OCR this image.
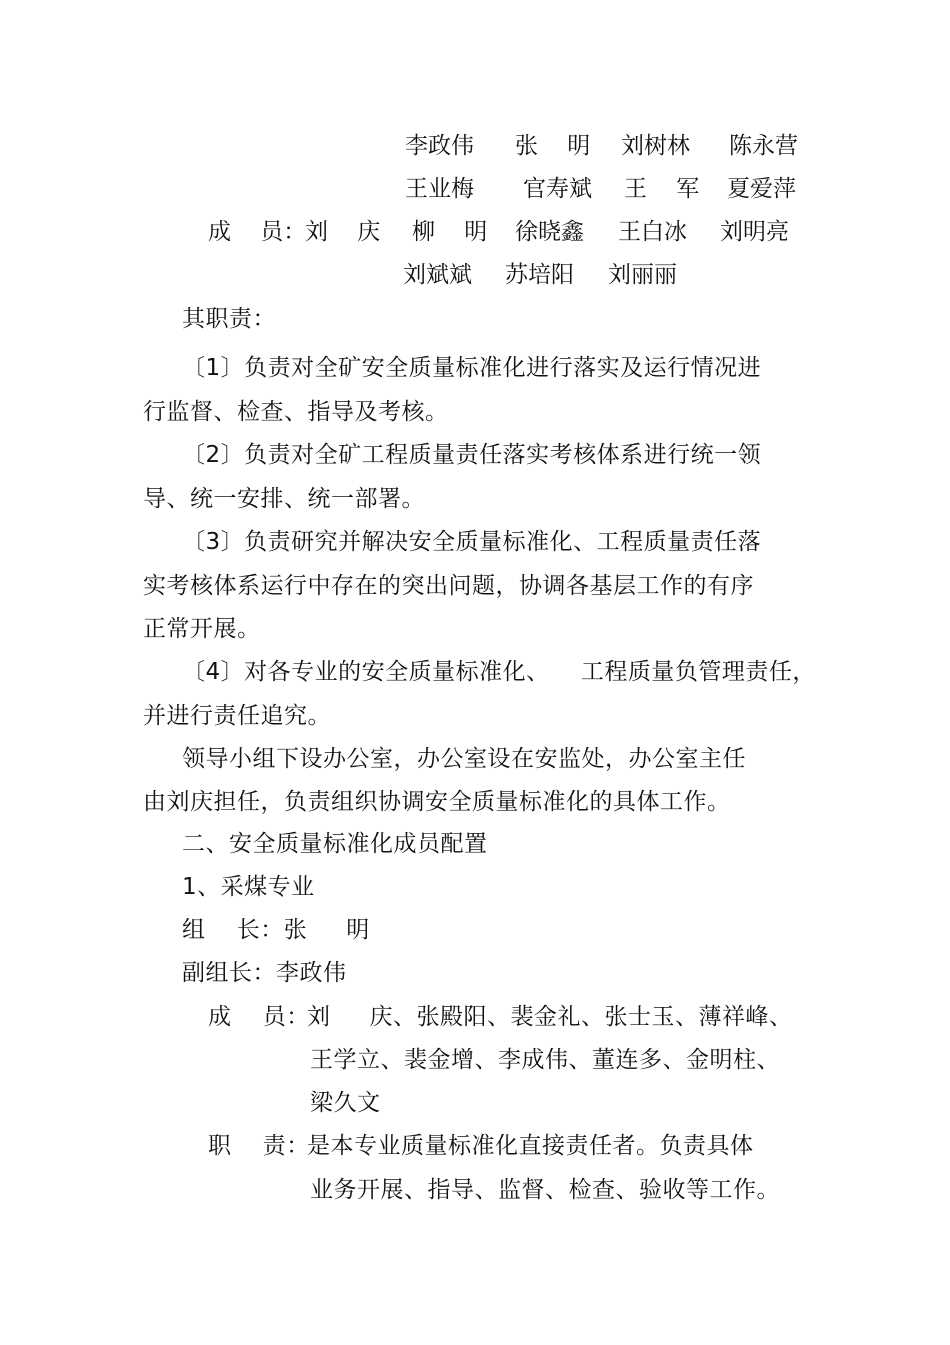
李政伟 张    明 刘树林 陈永营
王业梅 官寿斌 王    军 夏爱萍
成    员：
刘    庆 柳    明 徐晓鑫 王白冰 刘明亮
刘斌斌 苏培阳 刘丽丽
其职责：
〔1〕负责对全矿安全质量标准化进行落实及运行情况进
行监督、检查、指导及考核。
〔2〕负责对全矿工程质量责任落实考核体系进行统一领
导、统一安排、统一部署。
〔3〕负责研究并解决安全质量标准化、工程质量责任落
实考核体系运行中存在的突出问题，协调各基层工作的有序
正常开展。
〔4〕对各专业的安全质量标准化、    工程质量负管理责任，
并进行责任追究。
领导小组下设办公室，办公室设在安监处，办公室主任
由刘庆担任，负责组织协调安全质量标准化的具体工作。
二、安全质量标准化成员配置
1、采煤专业
组    长：张     明
副组长：李政伟
成    员：
刘     庆、张殿阳、裴金礼、张士玉、薄祥峰、
王学立、裴金增、李成伟、董连多、金明柱、
梁久文
职    责：
是本专业质量标准化直接责任者。负责具体
业务开展、指导、监督、检查、验收等工作。
